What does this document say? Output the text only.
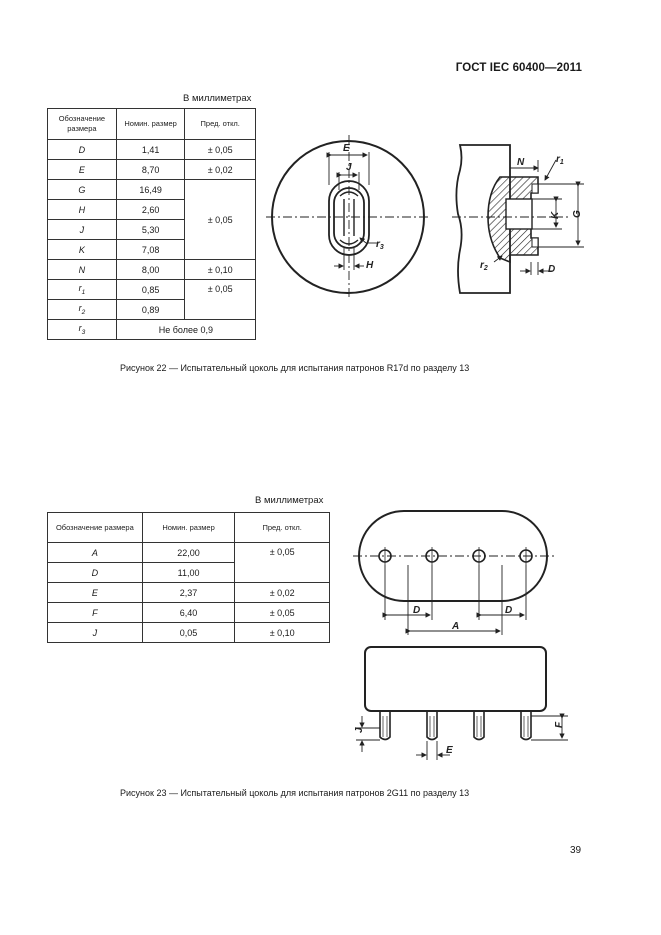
ГОСТ IEC 60400—2011
В миллиметрах
Обозначение размера	Номин. размер	Пред. откл.
D	1,41	± 0,05
E	8,70	± 0,02
G	16,49	± 0,05
H	2,60	
J	5,30	
K	7,08	
N	8,00	± 0,10
$r_1$	0,85	± 0,05
$r_2$	0,89	
$r_3$	Не более 0,9	
E
J
$r_3$
H
N	$r_1$
$r_2$	D
K G
D	D
A
F
J
E
Рисунок 22 — Испытательный цоколь для испытания патронов R17d по разделу 13
В миллиметрах
Обозначение размера	Номин. размер	Пред. откл.
A	22,00	± 0,05
D	11,00	
E	2,37	± 0,02
F	6,40	± 0,05
J	0,05	± 0,10
Рисунок 23 — Испытательный цоколь для испытания патронов 2G11 по разделу 13
39
